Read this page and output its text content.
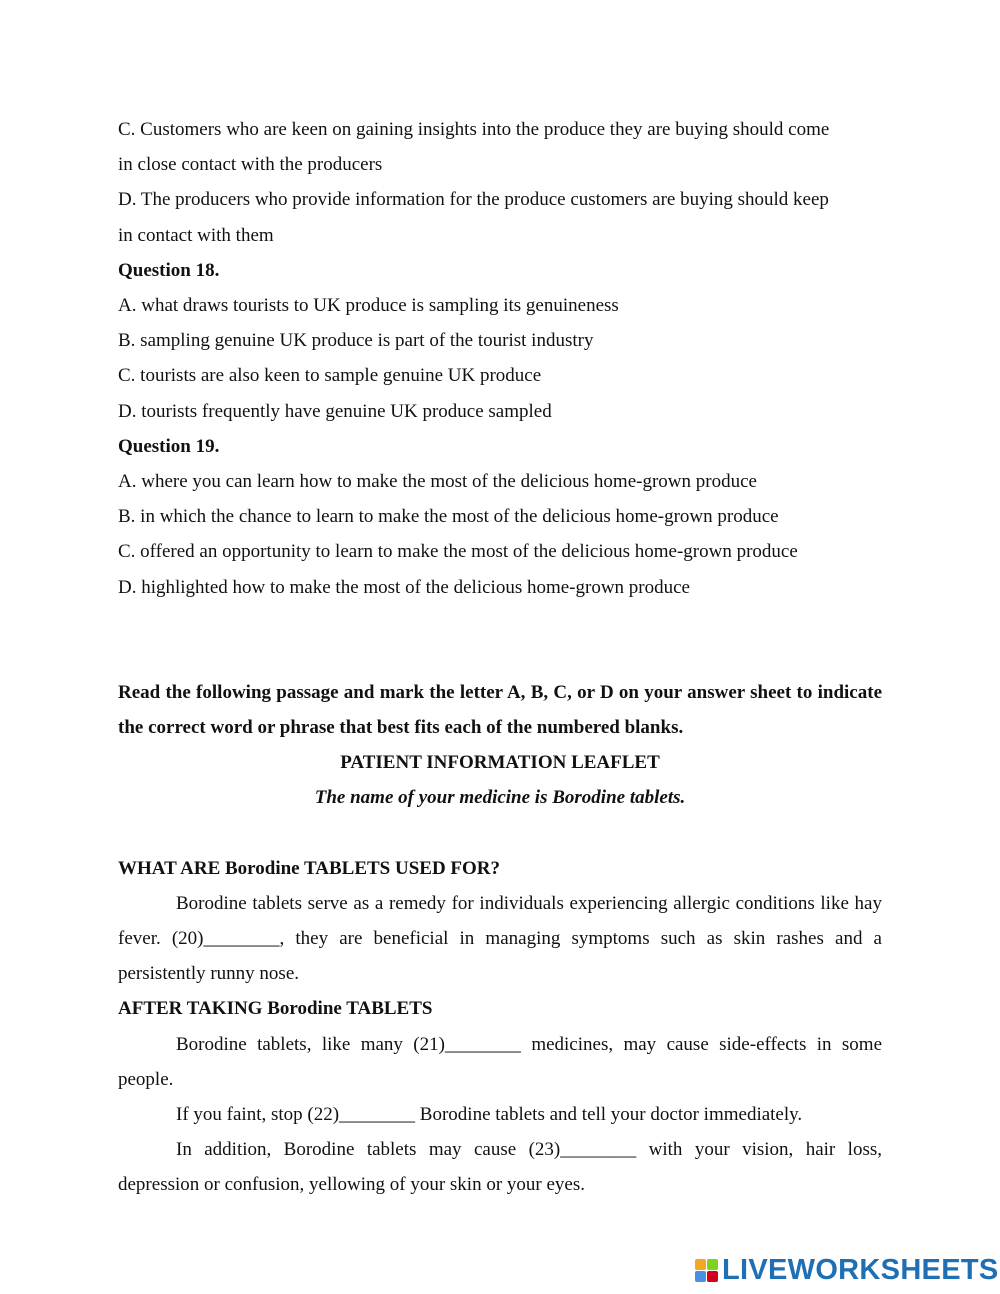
C. Customers who are keen on gaining insights into the produce they are buying should come
in close contact with the producers
D. The producers who provide information for the produce customers are buying should keep
in contact with them
Question 18.
A. what draws tourists to UK produce is sampling its genuineness
B. sampling genuine UK produce is part of the tourist industry
C. tourists are also keen to sample genuine UK produce
D. tourists frequently have genuine UK produce sampled
Question 19.
A. where you can learn how to make the most of the delicious home-grown produce
B. in which the chance to learn to make the most of the delicious home-grown produce
C. offered an opportunity to learn to make the most of the delicious home-grown produce
D. highlighted how to make the most of the delicious home-grown produce
Read the following passage and mark the letter A, B, C, or D on your answer sheet to indicate the correct word or phrase that best fits each of the numbered blanks.
PATIENT INFORMATION LEAFLET
The name of your medicine is Borodine tablets.
WHAT ARE Borodine TABLETS USED FOR?
Borodine tablets serve as a remedy for individuals experiencing allergic conditions like hay fever. (20)________, they are beneficial in managing symptoms such as skin rashes and a persistently runny nose.
AFTER TAKING Borodine TABLETS
Borodine tablets, like many (21)________ medicines, may cause side-effects in some people.
If you faint, stop (22)________ Borodine tablets and tell your doctor immediately.
In addition, Borodine tablets may cause (23)________ with your vision, hair loss, depression or confusion, yellowing of your skin or your eyes.
LIVEWORKSHEETS
